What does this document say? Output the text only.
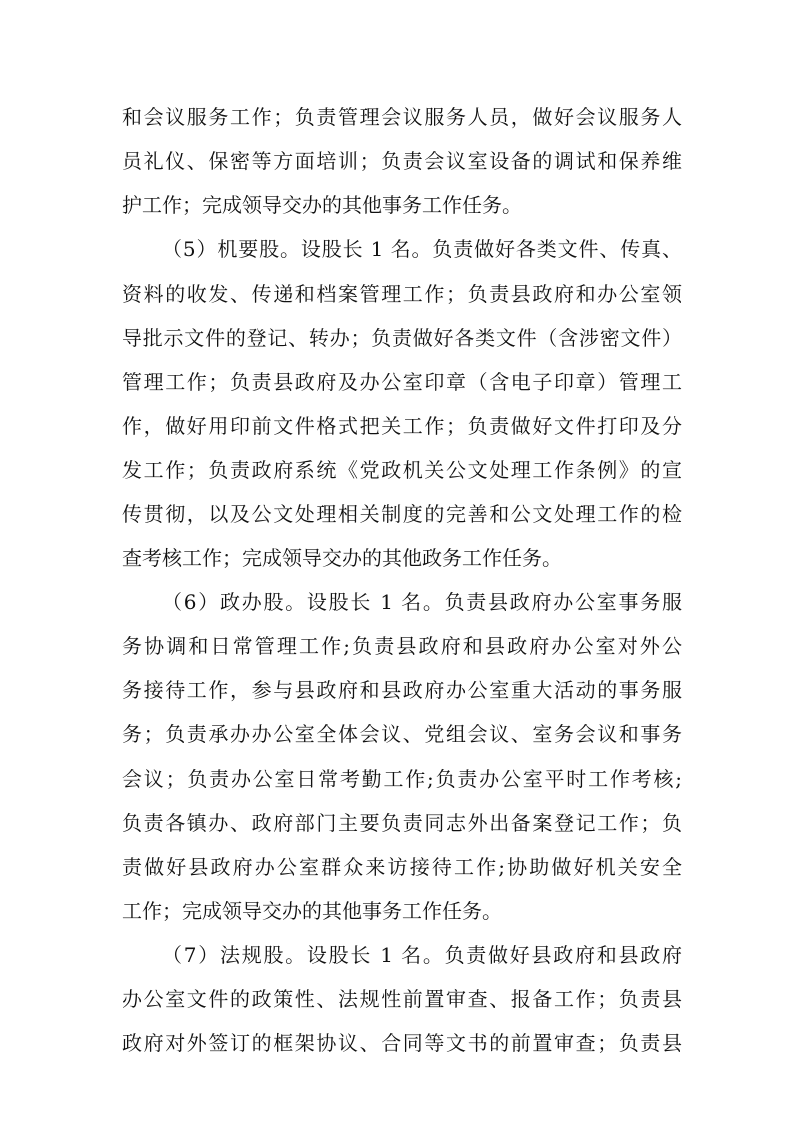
和会议服务工作；负责管理会议服务人员，做好会议服务人
员礼仪、保密等方面培训；负责会议室设备的调试和保养维
护工作；完成领导交办的其他事务工作任务。
（5）机要股。设股长 1 名。负责做好各类文件、传真、
资料的收发、传递和档案管理工作；负责县政府和办公室领
导批示文件的登记、转办；负责做好各类文件（含涉密文件）
管理工作；负责县政府及办公室印章（含电子印章）管理工
作，做好用印前文件格式把关工作；负责做好文件打印及分
发工作；负责政府系统《党政机关公文处理工作条例》的宣
传贯彻，以及公文处理相关制度的完善和公文处理工作的检
查考核工作；完成领导交办的其他政务工作任务。
（6）政办股。设股长 1 名。负责县政府办公室事务服
务协调和日常管理工作;负责县政府和县政府办公室对外公
务接待工作，参与县政府和县政府办公室重大活动的事务服
务；负责承办办公室全体会议、党组会议、室务会议和事务
会议；负责办公室日常考勤工作;负责办公室平时工作考核;
负责各镇办、政府部门主要负责同志外出备案登记工作；负
责做好县政府办公室群众来访接待工作;协助做好机关安全
工作；完成领导交办的其他事务工作任务。
（7）法规股。设股长 1 名。负责做好县政府和县政府
办公室文件的政策性、法规性前置审查、报备工作；负责县
政府对外签订的框架协议、合同等文书的前置审查；负责县
